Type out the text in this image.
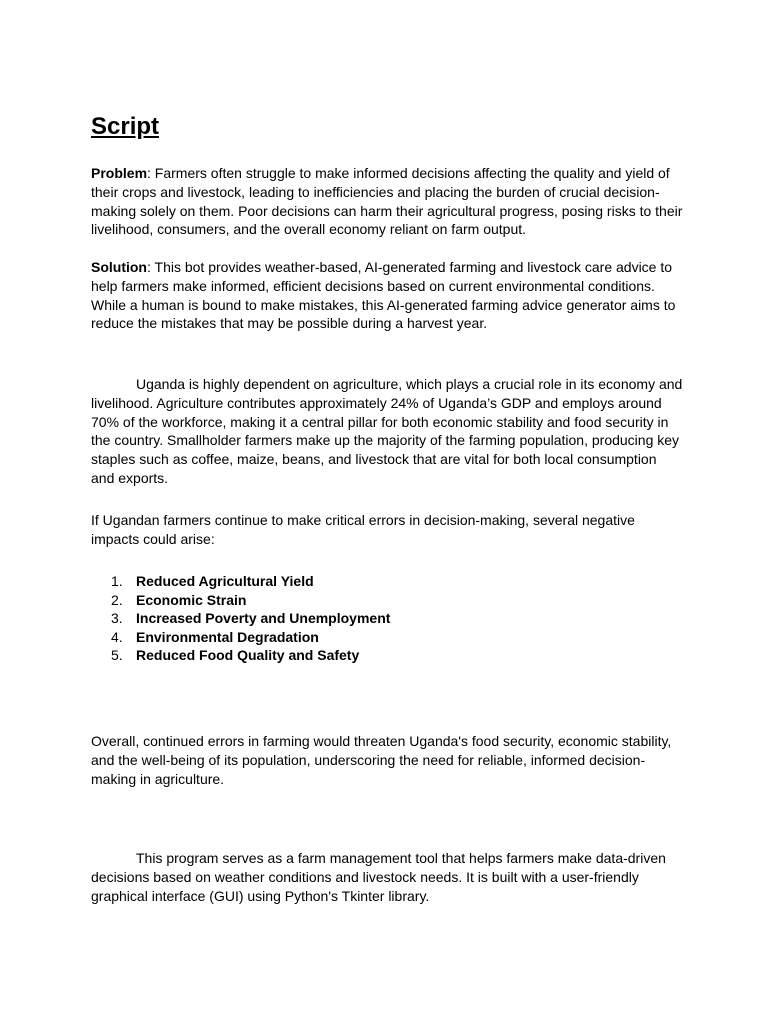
Script

Problem: Farmers often struggle to make informed decisions affecting the quality and yield of their crops and livestock, leading to inefficiencies and placing the burden of crucial decision-making solely on them. Poor decisions can harm their agricultural progress, posing risks to their livelihood, consumers, and the overall economy reliant on farm output.

Solution: This bot provides weather-based, AI-generated farming and livestock care advice to help farmers make informed, efficient decisions based on current environmental conditions. While a human is bound to make mistakes, this AI-generated farming advice generator aims to reduce the mistakes that may be possible during a harvest year.

Uganda is highly dependent on agriculture, which plays a crucial role in its economy and livelihood. Agriculture contributes approximately 24% of Uganda’s GDP and employs around 70% of the workforce, making it a central pillar for both economic stability and food security in the country. Smallholder farmers make up the majority of the farming population, producing key staples such as coffee, maize, beans, and livestock that are vital for both local consumption and exports.

If Ugandan farmers continue to make critical errors in decision-making, several negative impacts could arise:

1. Reduced Agricultural Yield
2. Economic Strain
3. Increased Poverty and Unemployment
4. Environmental Degradation
5. Reduced Food Quality and Safety

Overall, continued errors in farming would threaten Uganda's food security, economic stability, and the well-being of its population, underscoring the need for reliable, informed decision-making in agriculture.

This program serves as a farm management tool that helps farmers make data-driven decisions based on weather conditions and livestock needs. It is built with a user-friendly graphical interface (GUI) using Python's Tkinter library.
